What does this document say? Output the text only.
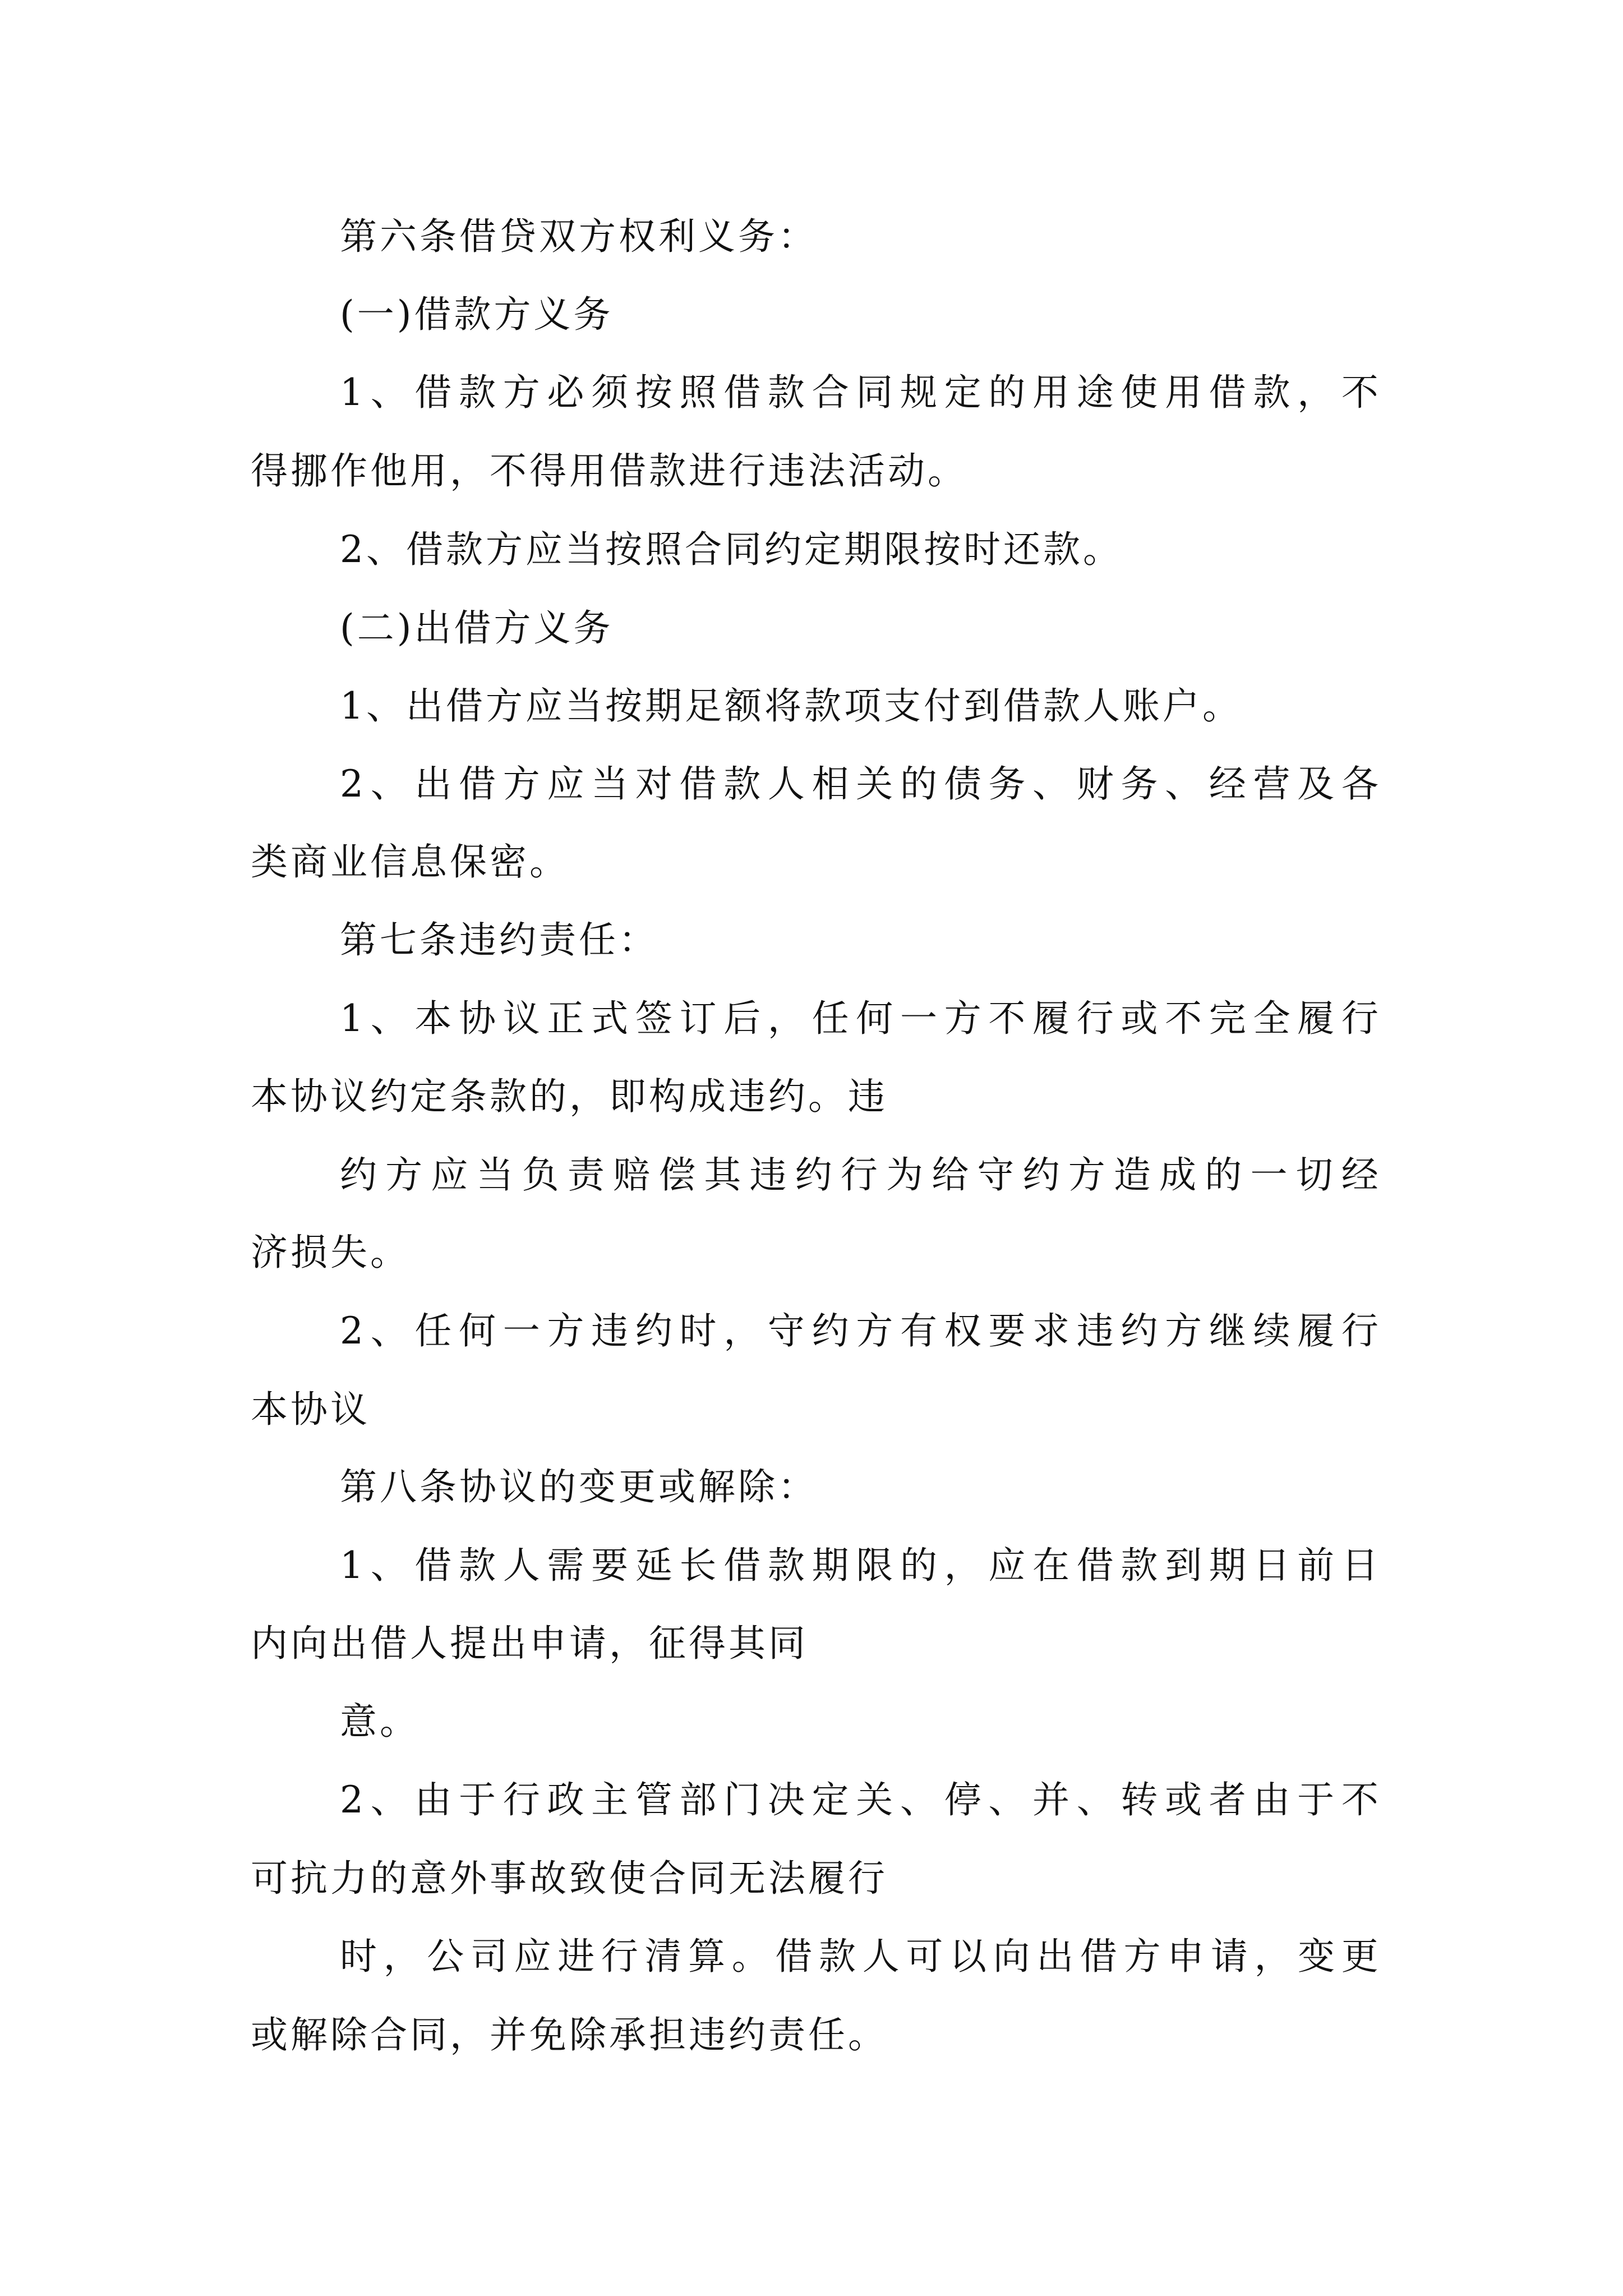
第六条借贷双方权利义务：
(一)借款方义务
1 、 借 款 方 必 须 按 照 借 款 合 同 规 定 的 用 途 使 用 借 款 ， 不
得挪作他用，不得用借款进行违法活动。
2、借款方应当按照合同约定期限按时还款。
(二)出借方义务
1、出借方应当按期足额将款项支付到借款人账户。
2 、 出 借 方 应 当 对 借 款 人 相 关 的 债 务 、 财 务 、 经 营 及 各
类商业信息保密。
第七条违约责任：
1 、 本 协 议 正 式 签 订 后 ， 任 何 一 方 不 履 行 或 不 完 全 履 行
本协议约定条款的，即构成违约。违
约 方 应 当 负 责 赔 偿 其 违 约 行 为 给 守 约 方 造 成 的 一 切 经
济损失。
2 、 任 何 一 方 违 约 时 ， 守 约 方 有 权 要 求 违 约 方 继 续 履 行
本协议
第八条协议的变更或解除：
1 、 借 款 人 需 要 延 长 借 款 期 限 的 ， 应 在 借 款 到 期 日 前 日
内向出借人提出申请，征得其同
意。
2 、 由 于 行 政 主 管 部 门 决 定 关 、 停 、 并 、 转 或 者 由 于 不
可抗力的意外事故致使合同无法履行
时 ， 公 司 应 进 行 清 算 。 借 款 人 可 以 向 出 借 方 申 请 ， 变 更
或解除合同，并免除承担违约责任。
